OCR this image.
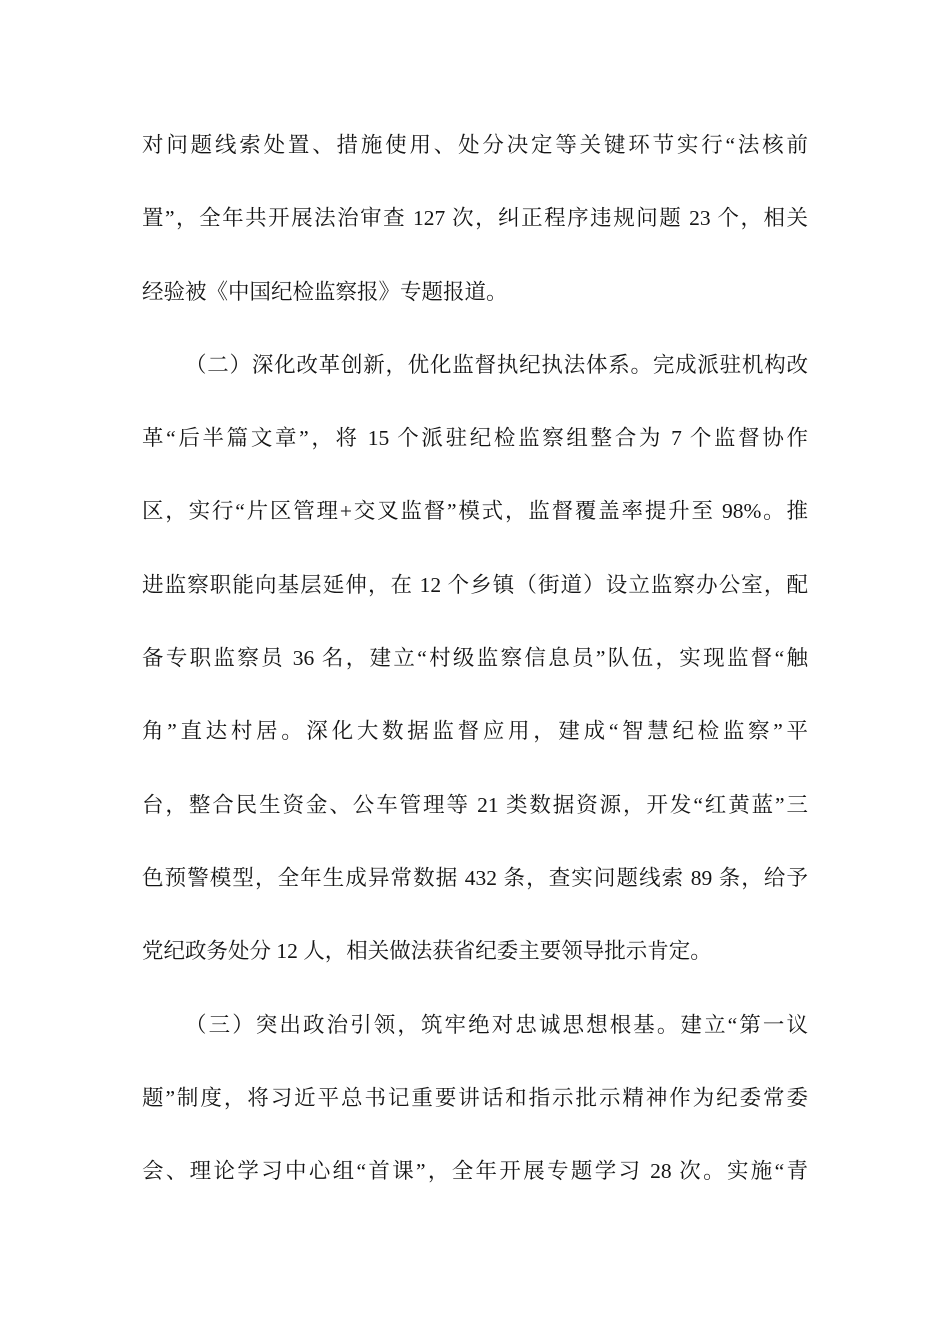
对问题线索处置、措施使用、处分决定等关键环节实行“法核前
置”，全年共开展法治审查 127 次，纠正程序违规问题 23 个，相关
经验被《中国纪检监察报》专题报道。
（二）深化改革创新，优化监督执纪执法体系。完成派驻机构改
革“后半篇文章”，将 15 个派驻纪检监察组整合为 7 个监督协作
区，实行“片区管理+交叉监督”模式，监督覆盖率提升至 98%。推
进监察职能向基层延伸，在 12 个乡镇（街道）设立监察办公室，配
备专职监察员 36 名，建立“村级监察信息员”队伍，实现监督“触
角”直达村居。深化大数据监督应用，建成“智慧纪检监察”平
台，整合民生资金、公车管理等 21 类数据资源，开发“红黄蓝”三
色预警模型，全年生成异常数据 432 条，查实问题线索 89 条，给予
党纪政务处分 12 人，相关做法获省纪委主要领导批示肯定。
（三）突出政治引领，筑牢绝对忠诚思想根基。建立“第一议
题”制度，将习近平总书记重要讲话和指示批示精神作为纪委常委
会、理论学习中心组“首课”，全年开展专题学习 28 次。实施“青
